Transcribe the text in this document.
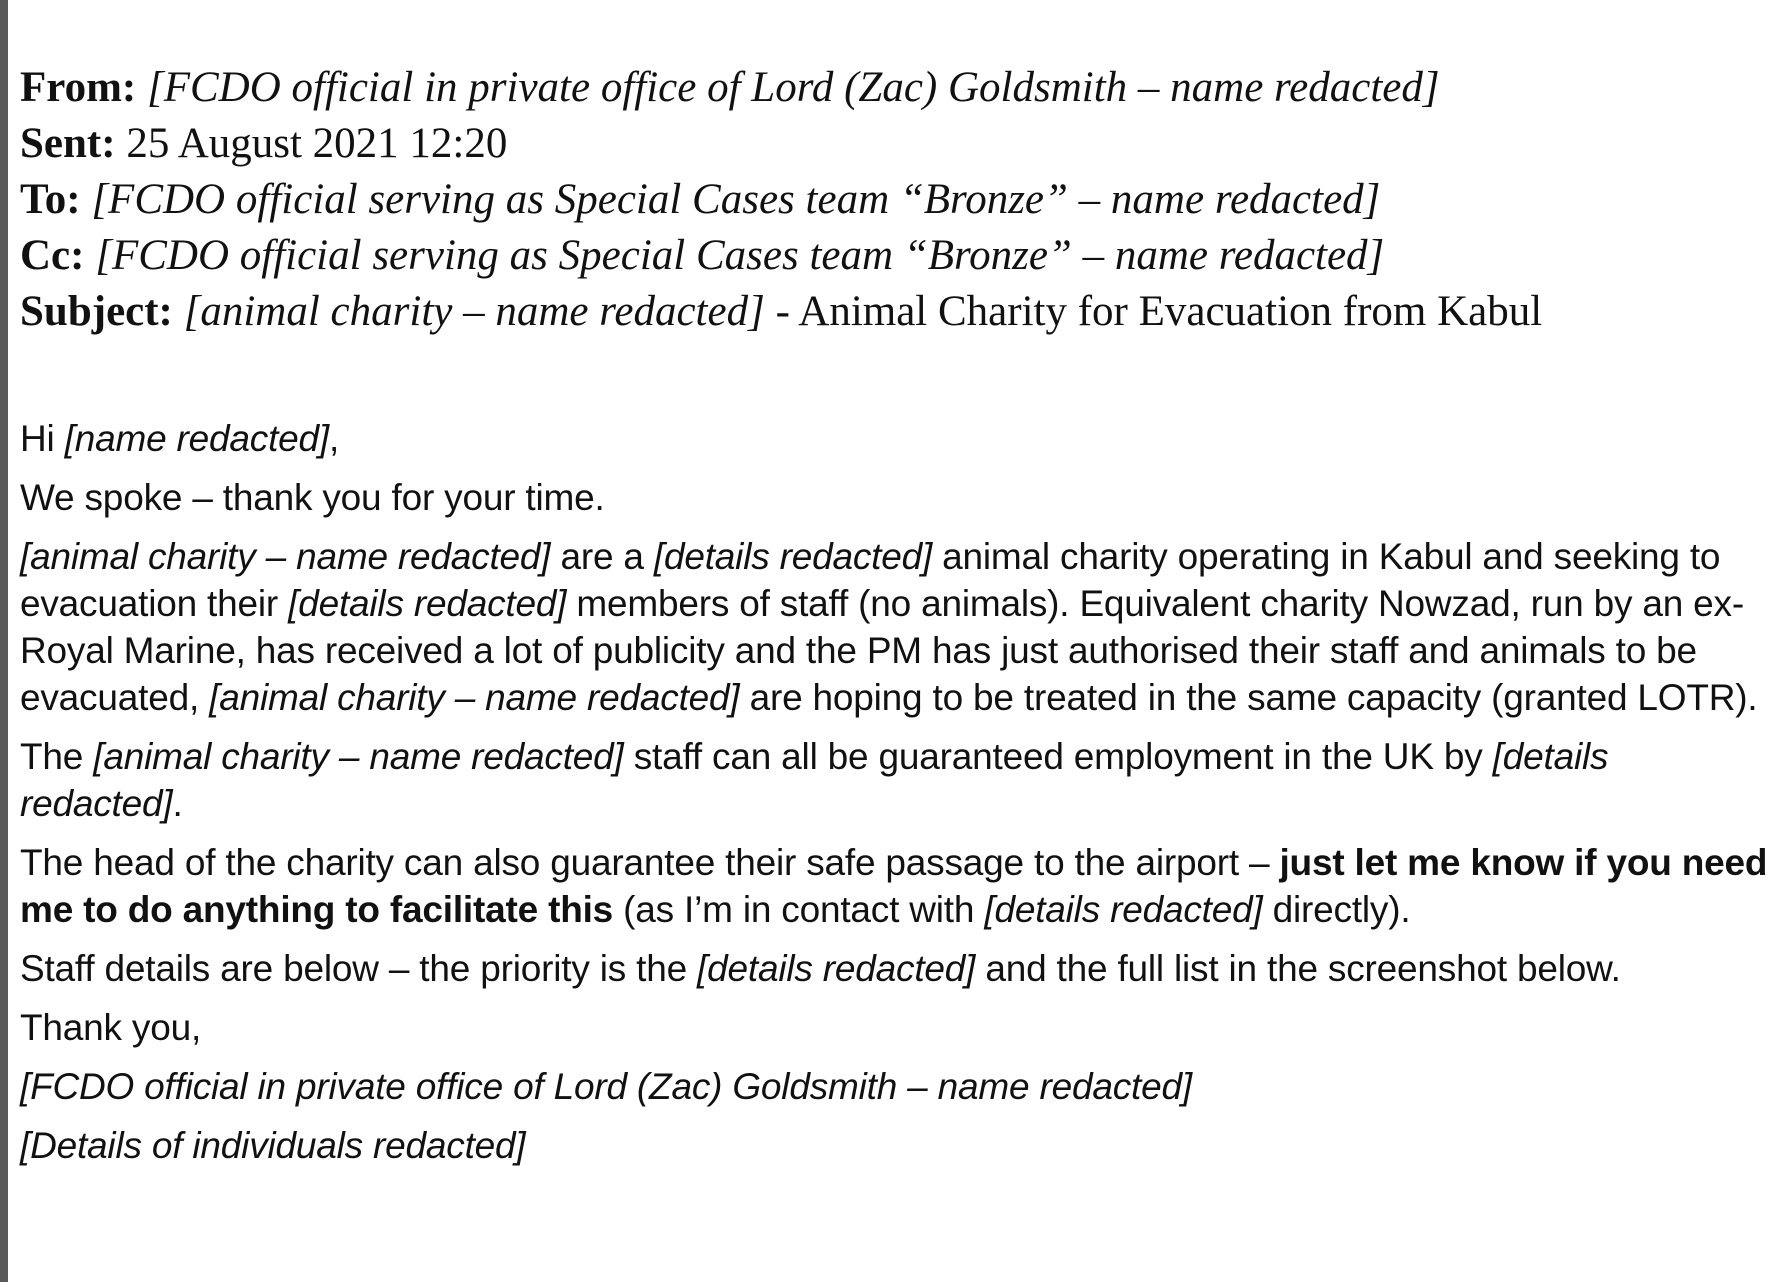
From: [FCDO official in private office of Lord (Zac) Goldsmith – name redacted]
Sent: 25 August 2021 12:20
To: [FCDO official serving as Special Cases team “Bronze” – name redacted]
Cc: [FCDO official serving as Special Cases team “Bronze” – name redacted]
Subject: [animal charity – name redacted] - Animal Charity for Evacuation from Kabul

Hi [name redacted],

We spoke – thank you for your time.

[animal charity – name redacted] are a [details redacted] animal charity operating in Kabul and seeking to evacuation their [details redacted] members of staff (no animals). Equivalent charity Nowzad, run by an ex-Royal Marine, has received a lot of publicity and the PM has just authorised their staff and animals to be evacuated, [animal charity – name redacted] are hoping to be treated in the same capacity (granted LOTR).

The [animal charity – name redacted] staff can all be guaranteed employment in the UK by [details redacted].

The head of the charity can also guarantee their safe passage to the airport – just let me know if you need me to do anything to facilitate this (as I’m in contact with [details redacted] directly).

Staff details are below – the priority is the [details redacted] and the full list in the screenshot below.

Thank you,

[FCDO official in private office of Lord (Zac) Goldsmith – name redacted]

[Details of individuals redacted]
